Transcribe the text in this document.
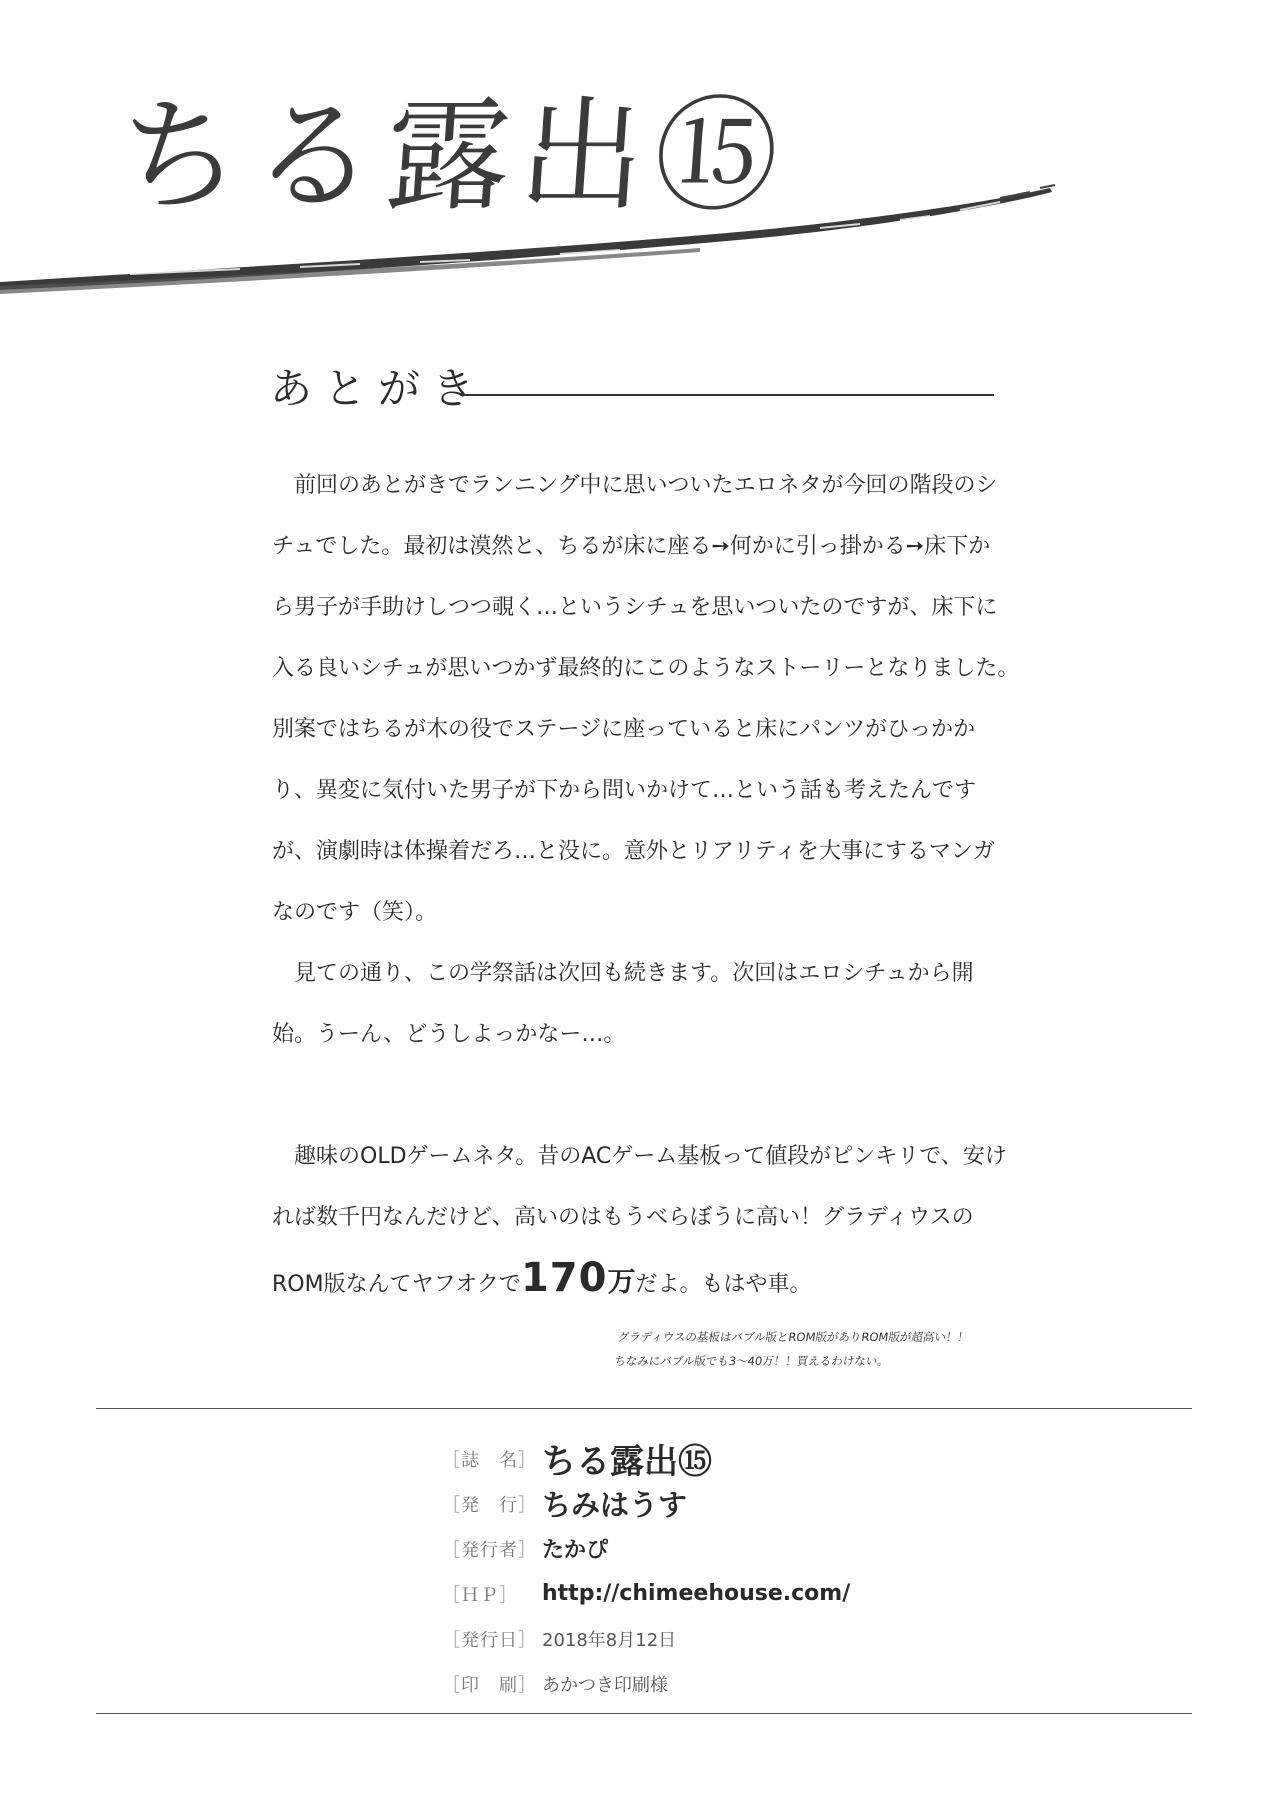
ちる露出⑮
あとがき

前回のあとがきでランニング中に思いついたエロネタが今回の階段のシチュでした。最初は漠然と、ちるが床に座る➙何かに引っ掛かる➙床下から男子が手助けしつつ覗く…というシチュを思いついたのですが、床下に入る良いシチュが思いつかず最終的にこのようなストーリーとなりました。　別案ではちるが木の役でステージに座っていると床にパンツがひっかかり、異変に気付いた男子が下から問いかけて…という話も考えたんですが、演劇時は体操着だろ…と没に。意外とリアリティを大事にするマンガなのです（笑）。

見ての通り、この学祭話は次回も続きます。次回はエロシチュから開始。うーん、どうしよっかなー…。

趣味のOLDゲームネタ。昔のACゲーム基板って値段がピンキリで、安ければ数千円なんだけど、高いのはもうべらぼうに高い！グラディウスのROM版なんてヤフオクで170万だよ。もはや車。

グラディウスの基板はバブル版とROM版がありROM版が超高い！！
ちなみにバブル版でも3〜40万！！買えるわけない。
［誌　名］ ちる露出⑮
［発　行］ ちみはうす
［発行者］ たかぴ
［ＨＰ］	http://chimeehouse.com/
［発行日］ 2018年8月12日
［印　刷］ あかつき印刷様
